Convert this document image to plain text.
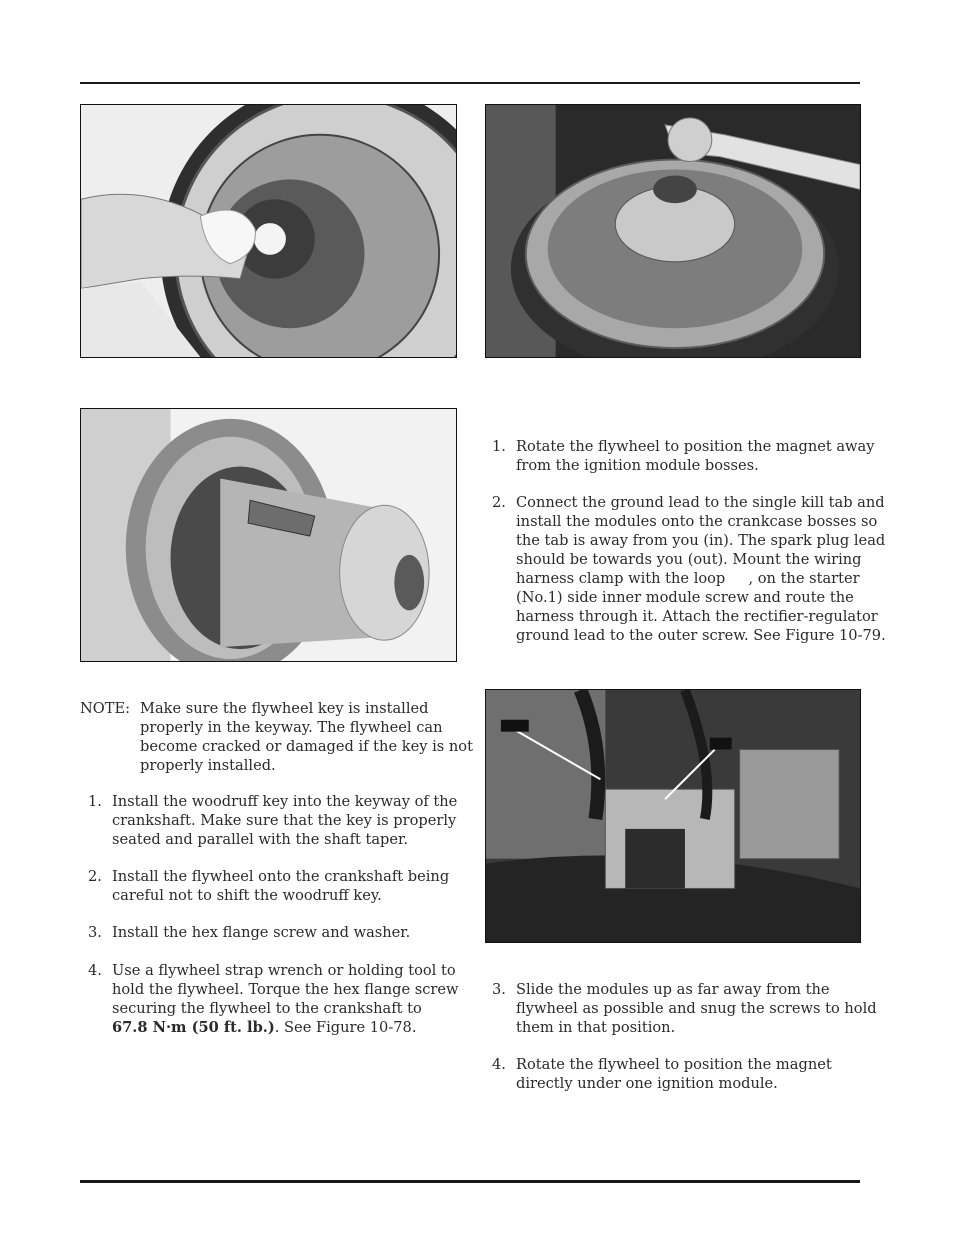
NOTE: Make sure the flywheel key is installed
properly in the keyway. The flywheel can
become cracked or damaged if the key is not
properly installed.
1. Install the woodruff key into the keyway of the
crankshaft. Make sure that the key is properly
seated and parallel with the shaft taper.
2. Install the flywheel onto the crankshaft being
careful not to shift the woodruff key.
3. Install the hex flange screw and washer.
4. Use a flywheel strap wrench or holding tool to
hold the flywheel. Torque the hex flange screw
securing the flywheel to the crankshaft to
67.8 N·m (50 ft. lb.). See Figure 10-78.
1. Rotate the flywheel to position the magnet away
from the ignition module bosses.
2. Connect the ground lead to the single kill tab and
install the modules onto the crankcase bosses so
the tab is away from you (in). The spark plug lead
should be towards you (out). Mount the wiring
harness clamp with the loop     , on the starter
(No.1) side inner module screw and route the
harness through it. Attach the rectifier-regulator
ground lead to the outer screw. See Figure 10-79.
3. Slide the modules up as far away from the
flywheel as possible and snug the screws to hold
them in that position.
4. Rotate the flywheel to position the magnet
directly under one ignition module.
